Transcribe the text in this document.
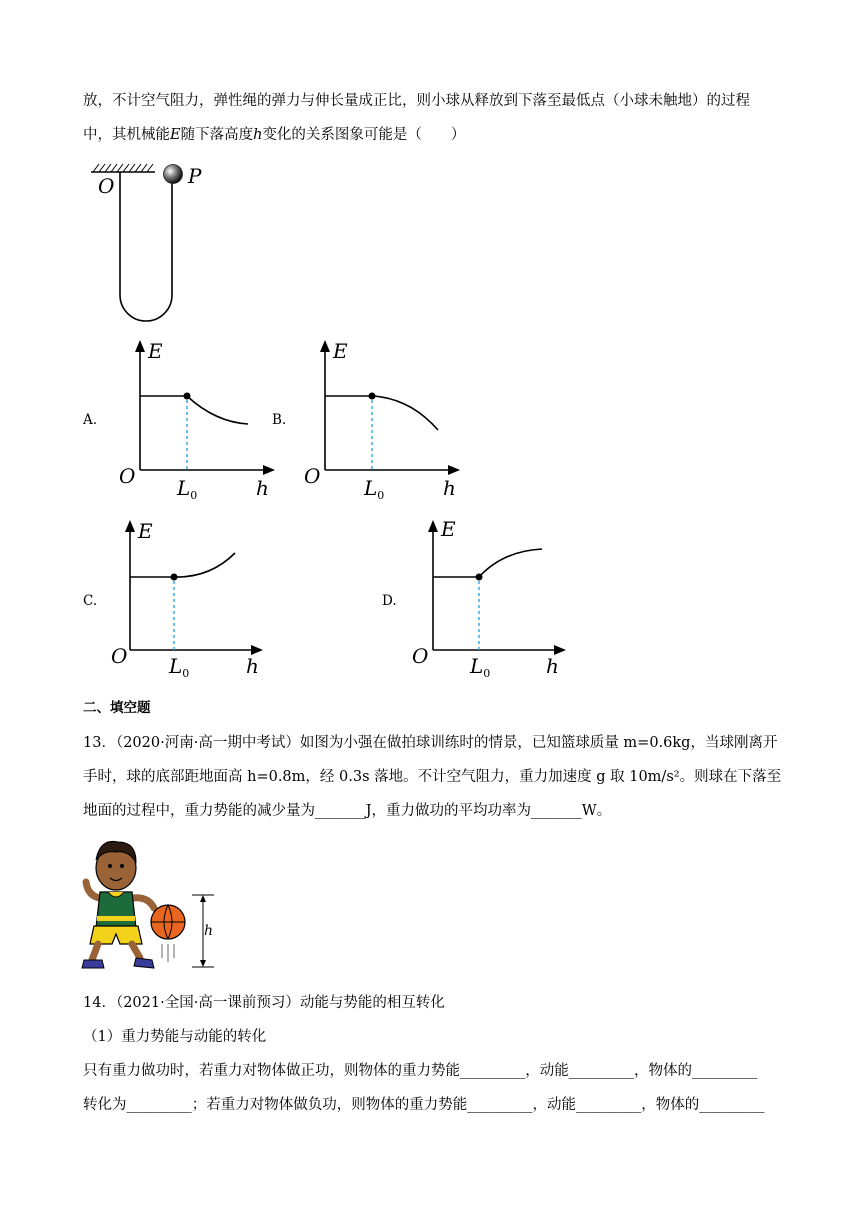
放，不计空气阻力，弹性绳的弹力与伸长量成正比，则小球从释放到下落至最低点（小球未触地）的过程
中，其机械能E随下落高度h变化的关系图象可能是（　　）
O	P
A.
E
O	h
$L_0$
B.
E
O	h
$L_0$
C.
E
O	h
$L_0$
D.
E
O	h
$L_0$
二、填空题
13．（2020·河南·高一期中考试）如图为小强在做拍球训练时的情景，已知篮球质量 m=0.6kg，当球刚离开
手时，球的底部距地面高 h=0.8m，经 0.3s 落地。不计空气阻力，重力加速度 g 取 10m/s²。则球在下落至
地面的过程中，重力势能的减少量为_______J，重力做功的平均功率为_______W。
h
14．（2021·全国·高一课前预习）动能与势能的相互转化
（1）重力势能与动能的转化
只有重力做功时，若重力对物体做正功，则物体的重力势能_________，动能_________，物体的_________
转化为_________；若重力对物体做负功，则物体的重力势能_________，动能_________，物体的_________
